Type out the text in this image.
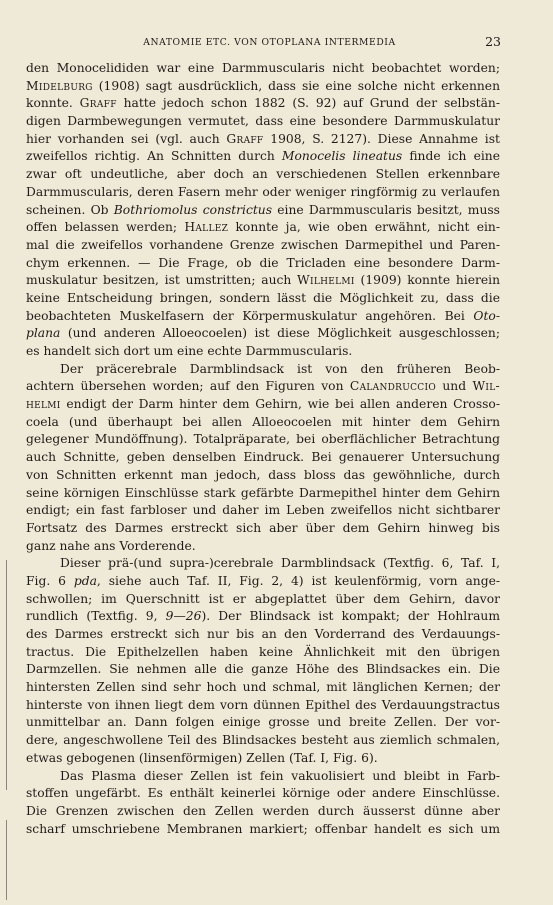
ANATOMIE ETC. VON OTOPLANA INTERMEDIA	23
den Monocelididen war eine Darmmuscularis nicht beobachtet worden;
Midelburg (1908) sagt ausdrücklich, dass sie eine solche nicht erkennen
konnte. Graff hatte jedoch schon 1882 (S. 92) auf Grund der selbstän-
digen Darmbewegungen vermutet, dass eine besondere Darmmuskulatur
hier vorhanden sei (vgl. auch Graff 1908, S. 2127). Diese Annahme ist
zweifellos richtig. An Schnitten durch Monocelis lineatus finde ich eine
zwar oft undeutliche, aber doch an verschiedenen Stellen erkennbare
Darmmuscularis, deren Fasern mehr oder weniger ringförmig zu verlaufen
scheinen. Ob Bothriomolus constrictus eine Darmmuscularis besitzt, muss
offen belassen werden; Hallez konnte ja, wie oben erwähnt, nicht ein-
mal die zweifellos vorhandene Grenze zwischen Darmepithel und Paren-
chym erkennen. — Die Frage, ob die Tricladen eine besondere Darm-
muskulatur besitzen, ist umstritten; auch Wilhelmi (1909) konnte hierein
keine Entscheidung bringen, sondern lässt die Möglichkeit zu, dass die
beobachteten Muskelfasern der Körpermuskulatur angehören. Bei Oto-
plana (und anderen Alloeocoelen) ist diese Möglichkeit ausgeschlossen;
es handelt sich dort um eine echte Darmmuscularis.
Der präcerebrale Darmblindsack ist von den früheren Beob-
achtern übersehen worden; auf den Figuren von Calandruccio und Wil-
helmi endigt der Darm hinter dem Gehirn, wie bei allen anderen Crosso-
coela (und überhaupt bei allen Alloeocoelen mit hinter dem Gehirn
gelegener Mundöffnung). Totalpräparate, bei oberflächlicher Betrachtung
auch Schnitte, geben denselben Eindruck. Bei genauerer Untersuchung
von Schnitten erkennt man jedoch, dass bloss das gewöhnliche, durch
seine körnigen Einschlüsse stark gefärbte Darmepithel hinter dem Gehirn
endigt; ein fast farbloser und daher im Leben zweifellos nicht sichtbarer
Fortsatz des Darmes erstreckt sich aber über dem Gehirn hinweg bis
ganz nahe ans Vorderende.
Dieser prä-(und supra-)cerebrale Darmblindsack (Textfig. 6, Taf. I,
Fig. 6 pda, siehe auch Taf. II, Fig. 2, 4) ist keulenförmig, vorn ange-
schwollen; im Querschnitt ist er abgeplattet über dem Gehirn, davor
rundlich (Textfig. 9, 9—26). Der Blindsack ist kompakt; der Hohlraum
des Darmes erstreckt sich nur bis an den Vorderrand des Verdauungs-
tractus. Die Epithelzellen haben keine Ähnlichkeit mit den übrigen
Darmzellen. Sie nehmen alle die ganze Höhe des Blindsackes ein. Die
hintersten Zellen sind sehr hoch und schmal, mit länglichen Kernen; der
hinterste von ihnen liegt dem vorn dünnen Epithel des Verdauungstractus
unmittelbar an. Dann folgen einige grosse und breite Zellen. Der vor-
dere, angeschwollene Teil des Blindsackes besteht aus ziemlich schmalen,
etwas gebogenen (linsenförmigen) Zellen (Taf. I, Fig. 6).
Das Plasma dieser Zellen ist fein vakuolisiert und bleibt in Farb-
stoffen ungefärbt. Es enthält keinerlei körnige oder andere Einschlüsse.
Die Grenzen zwischen den Zellen werden durch äusserst dünne aber
scharf umschriebene Membranen markiert; offenbar handelt es sich um
